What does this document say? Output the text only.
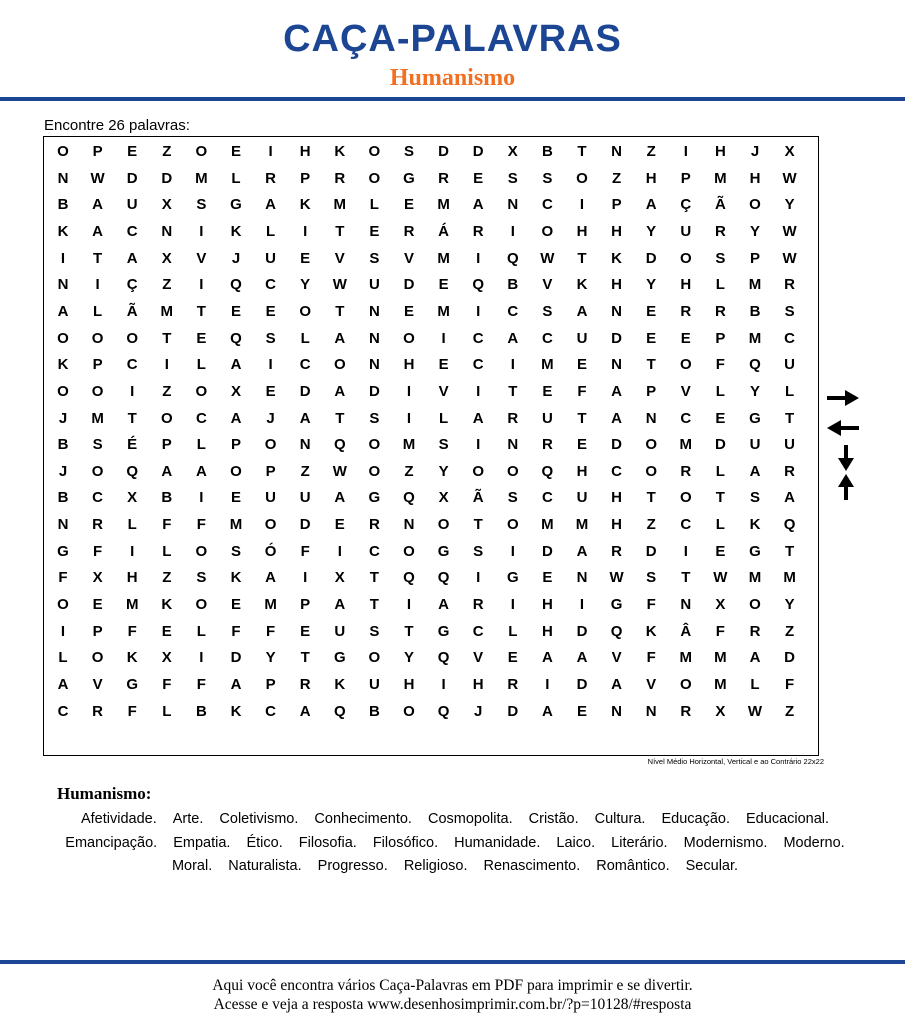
CAÇA-PALAVRAS
Humanismo
Encontre 26 palavras:
O	P	E	Z	O	E	I	H	K	O	S	D	D	X	B	T	N	Z	I	H	J	X
N	W	D	D	M	L	R	P	R	O	G	R	E	S	S	O	Z	H	P	M	H	W
B	A	U	X	S	G	A	K	M	L	E	M	A	N	C	I	P	A	Ç	Ã	O	Y
K	A	C	N	I	K	L	I	T	E	R	Á	R	I	O	H	H	Y	U	R	Y	W
I	T	A	X	V	J	U	E	V	S	V	M	I	Q	W	T	K	D	O	S	P	W
N	I	Ç	Z	I	Q	C	Y	W	U	D	E	Q	B	V	K	H	Y	H	L	M	R
A	L	Ã	M	T	E	E	O	T	N	E	M	I	C	S	A	N	E	R	R	B	S
O	O	O	T	E	Q	S	L	A	N	O	I	C	A	C	U	D	E	E	P	M	C
K	P	C	I	L	A	I	C	O	N	H	E	C	I	M	E	N	T	O	F	Q	U
O	O	I	Z	O	X	E	D	A	D	I	V	I	T	E	F	A	P	V	L	Y	L
J	M	T	O	C	A	J	A	T	S	I	L	A	R	U	T	A	N	C	E	G	T
B	S	É	P	L	P	O	N	Q	O	M	S	I	N	R	E	D	O	M	D	U	U
J	O	Q	A	A	O	P	Z	W	O	Z	Y	O	O	Q	H	C	O	R	L	A	R
B	C	X	B	I	E	U	U	A	G	Q	X	Ã	S	C	U	H	T	O	T	S	A
N	R	L	F	F	M	O	D	E	R	N	O	T	O	M	M	H	Z	C	L	K	Q
G	F	I	L	O	S	Ó	F	I	C	O	G	S	I	D	A	R	D	I	E	G	T
F	X	H	Z	S	K	A	I	X	T	Q	Q	I	G	E	N	W	S	T	W	M	M
O	E	M	K	O	E	M	P	A	T	I	A	R	I	H	I	G	F	N	X	O	Y
I	P	F	E	L	F	F	E	U	S	T	G	C	L	H	D	Q	K	Â	F	R	Z
L	O	K	X	I	D	Y	T	G	O	Y	Q	V	E	A	A	V	F	M	M	A	D
A	V	G	F	F	A	P	R	K	U	H	I	H	R	I	D	A	V	O	M	L	F
C	R	F	L	B	K	C	A	Q	B	O	Q	J	D	A	E	N	N	R	X	W	Z
Nível Médio Horizontal, Vertical e ao Contrário 22x22
Humanismo:
Afetividade. Arte. Coletivismo. Conhecimento. Cosmopolita. Cristão. Cultura. Educação. Educacional. Emancipação. Empatia. Ético. Filosofia. Filosófico. Humanidade. Laico. Literário. Modernismo. Moderno. Moral. Naturalista. Progresso. Religioso. Renascimento. Romântico. Secular.
Aqui você encontra vários Caça-Palavras em PDF para imprimir e se divertir.
Acesse e veja a resposta www.desenhosimprimir.com.br/?p=10128/#resposta
